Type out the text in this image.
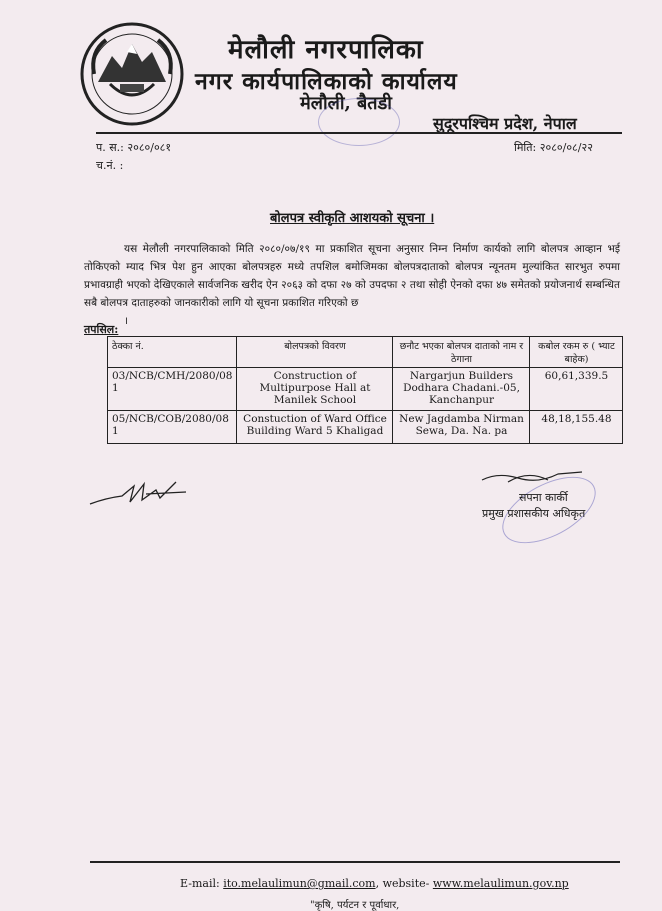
मेलौली नगरपालिका
नगर कार्यपालिकाको कार्यालय
मेलौली, बैतडी
सुदूरपश्चिम प्रदेश, नेपाल
प. स.: २०८०/०८१
च.नं. :
मिति: २०८०/०८/२२
बोलपत्र स्वीकृति आशयको सूचना ।
यस मेलौली नगरपालिकाको मिति २०८०/०७/१९ मा प्रकाशित सूचना अनुसार निम्न निर्माण कार्यको लागि बोलपत्र आव्हान भई तोकिएको म्याद भित्र पेश हुन आएका बोलपत्रहरु मध्ये तपशिल बमोजिमका बोलपत्रदाताको बोलपत्र न्यूनतम मुल्यांकित सारभुत रुपमा प्रभावग्राही भएको देखिएकाले सार्वजनिक खरीद ऐन २०६३ को दफा २७ को उपदफा २ तथा सोही ऐनको दफा ४७ समेतको प्रयोजनार्थ सम्बन्धित सबै बोलपत्र दाताहरुको जानकारीको लागि यो सूचना प्रकाशित गरिएको छ
।
तपसिल:
ठेक्का नं.	बोलपत्रको विवरण	छनौट भएका बोलपत्र दाताको नाम र ठेगाना	कबोल रकम रु ( भ्याट बाहेक)
03/NCB/CMH/2080/08 1	Construction of Multipurpose Hall at Manilek School	Nargarjun Builders Dodhara Chadani.-05, Kanchanpur	60,61,339.5
05/NCB/COB/2080/08 1	Constuction of Ward Office Building Ward 5 Khaligad	New Jagdamba Nirman Sewa, Da. Na. pa	48,18,155.48
सपना कार्की
प्रमुख प्रशासकीय अधिकृत
E-mail: ito.melaulimun@gmail.com, website- www.melaulimun.gov.np
"कृषि, पर्यटन र पूर्वाधार,
